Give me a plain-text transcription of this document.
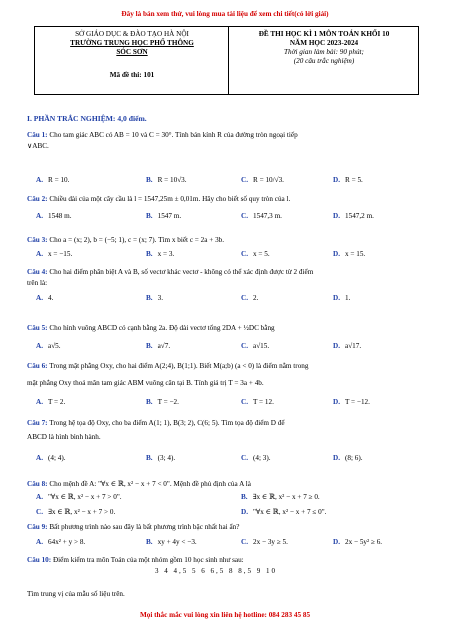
Đây là bản xem thử, vui lòng mua tài liệu để xem chi tiết(có lời giải)
SỞ GIÁO DỤC & ĐÀO TẠO HÀ NỘI
TRƯỜNG TRUNG HỌC PHỔ THÔNG
SÓC SƠN
Mã đề thi: 101
ĐỀ THI HỌC KÌ 1 MÔN TOÁN KHỐI 10
NĂM HỌC 2023-2024
Thời gian làm bài: 90 phút;
(20 câu trắc nghiệm)
I. PHẦN TRẮC NGHIỆM: 4,0 điểm.
Câu 1: Cho tam giác ABC có AB = 10 và C = 30°. Tính bán kính R của đường tròn ngoại tiếp
∨ABC.
A. R = 10.	B. R = 10√3.	C. R = 10/√3.	D. R = 5.
Câu 2: Chiều dài của một cây cầu là l = 1547,25m ± 0,01m. Hãy cho biết số quy tròn của l.
A. 1548 m.	B. 1547 m.	C. 1547,3 m.	D. 1547,2 m.
Câu 3: Cho a = (x; 2), b = (−5; 1), c = (x; 7). Tìm x biết c = 2a + 3b.
A. x = −15.	B. x = 3.	C. x = 5.	D. x = 15.
Câu 4: Cho hai điểm phân biệt A và B, số vectơ khác vectơ - không có thể xác định được từ 2 điểm
trên là:
A. 4.	B. 3.	C. 2.	D. 1.
Câu 5: Cho hình vuông ABCD có cạnh bằng 2a. Độ dài vectơ tổng 2DA + ½DC bằng
A. a√5.	B. a√7.	C. a√15.	D. a√17.
Câu 6: Trong mặt phẳng Oxy, cho hai điểm A(2;4), B(1;1). Biết M(a;b) (a < 0) là điểm nằm trong
mặt phẳng Oxy thoả mãn tam giác ABM vuông cân tại B. Tính giá trị T = 3a + 4b.
A. T = 2.	B. T = −2.	C. T = 12.	D. T = −12.
Câu 7: Trong hệ tọa độ Oxy, cho ba điểm A(1; 1), B(3; 2), C(6; 5). Tìm tọa độ điểm D để
ABCD là hình bình hành.
A. (4; 4).	B. (3; 4).	C. (4; 3).	D. (8; 6).
Câu 8: Cho mệnh đề A: "∀x ∈ ℝ, x² − x + 7 < 0". Mệnh đề phủ định của A là
A. "∀x ∈ ℝ, x² − x + 7 > 0".	B. ∃x ∈ ℝ, x² − x + 7 ≥ 0.
C. ∃x ∈ ℝ, x² − x + 7 > 0.	D. "∀x ∈ ℝ, x² − x + 7 ≤ 0".
Câu 9: Bất phương trình nào sau đây là bất phương trình bậc nhất hai ẩn?
A. 64x² + y > 8.	B. xy + 4y < −3.	C. 2x − 3y ≥ 5.	D. 2x − 5y² ≥ 6.
Câu 10: Điểm kiểm tra môn Toán của một nhóm gồm 10 học sinh như sau:
3 4 4,5 5 6 6,5 8 8,5 9 10
Tìm trung vị của mẫu số liệu trên.
Mọi thắc mắc vui lòng xin liên hệ hotline: 084 283 45 85
